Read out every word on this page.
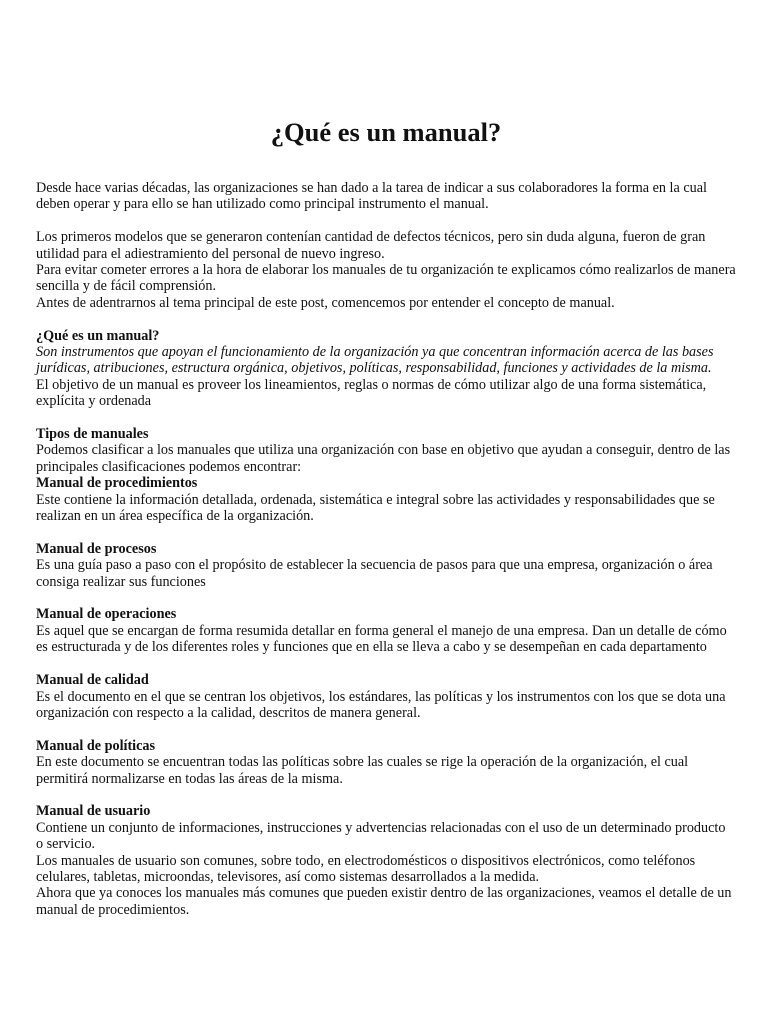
¿Qué es un manual?

Desde hace varias décadas, las organizaciones se han dado a la tarea de indicar a sus colaboradores la forma en la cual deben operar y para ello se han utilizado como principal instrumento el manual.

Los primeros modelos que se generaron contenían cantidad de defectos técnicos, pero sin duda alguna, fueron de gran utilidad para el adiestramiento del personal de nuevo ingreso.

Para evitar cometer errores a la hora de elaborar los manuales de tu organización te explicamos cómo realizarlos de manera sencilla y de fácil comprensión.

Antes de adentrarnos al tema principal de este post, comencemos por entender el concepto de manual.

¿Qué es un manual?

Son instrumentos que apoyan el funcionamiento de la organización ya que concentran información acerca de las bases jurídicas, atribuciones, estructura orgánica, objetivos, políticas, responsabilidad, funciones y actividades de la misma.

El objetivo de un manual es proveer los lineamientos, reglas o normas de cómo utilizar algo de una forma sistemática, explícita y ordenada

Tipos de manuales

Podemos clasificar a los manuales que utiliza una organización con base en objetivo que ayudan a conseguir, dentro de las principales clasificaciones podemos encontrar:

Manual de procedimientos

Este contiene la información detallada, ordenada, sistemática e integral sobre las actividades y responsabilidades que se realizan en un área específica de la organización.

Manual de procesos

Es una guía paso a paso con el propósito de establecer la secuencia de pasos para que una empresa, organización o área consiga realizar sus funciones

Manual de operaciones

Es aquel que se encargan de forma resumida detallar en forma general el manejo de una empresa. Dan un detalle de cómo es estructurada y de los diferentes roles y funciones que en ella se lleva a cabo y se desempeñan en cada departamento

Manual de calidad

Es el documento en el que se centran los objetivos, los estándares, las políticas y los instrumentos con los que se dota una organización con respecto a la calidad, descritos de manera general.

Manual de políticas

En este documento se encuentran todas las políticas sobre las cuales se rige la operación de la organización, el cual permitirá normalizarse en todas las áreas de la misma.

Manual de usuario

Contiene un conjunto de informaciones, instrucciones y advertencias relacionadas con el uso de un determinado producto o servicio.

Los manuales de usuario son comunes, sobre todo, en electrodomésticos o dispositivos electrónicos, como teléfonos celulares, tabletas, microondas, televisores, así como sistemas desarrollados a la medida.

Ahora que ya conoces los manuales más comunes que pueden existir dentro de las organizaciones, veamos el detalle de un manual de procedimientos.
